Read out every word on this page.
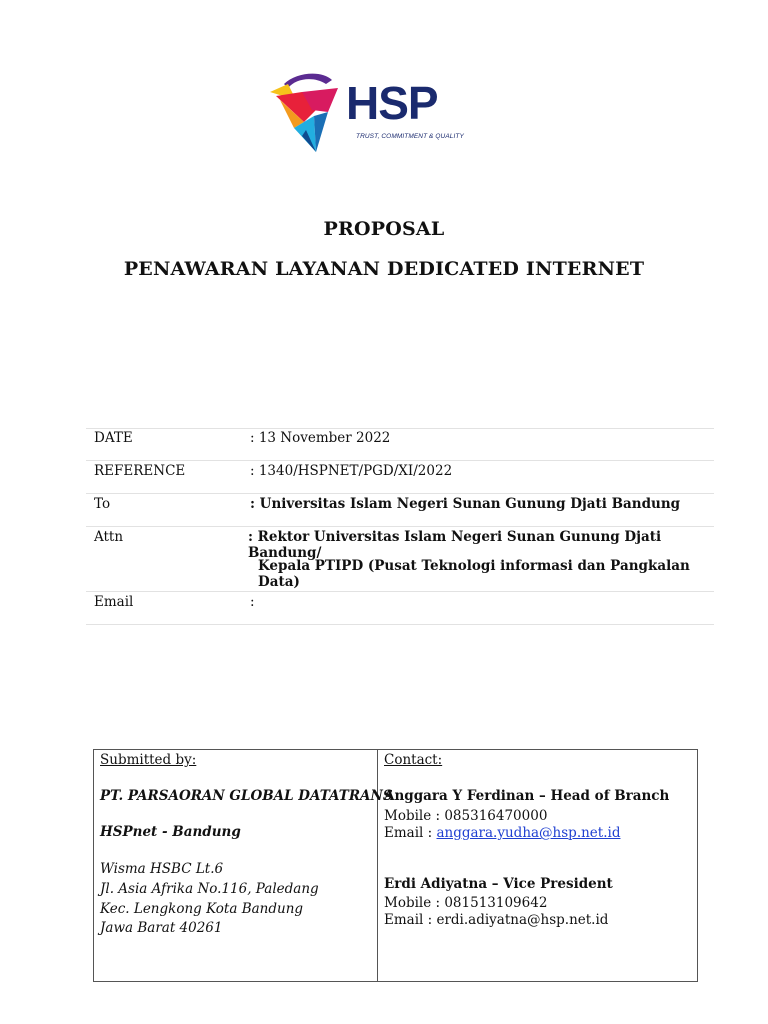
HSP
TRUST, COMMITMENT & QUALITY
PROPOSAL
PENAWARAN LAYANAN DEDICATED INTERNET
DATE	: 13 November 2022
REFERENCE	: 1340/HSPNET/PGD/XI/2022
To	: Universitas Islam Negeri Sunan Gunung Djati Bandung
Attn	: Rektor Universitas Islam Negeri Sunan Gunung Djati Bandung/
Kepala PTIPD (Pusat Teknologi informasi dan Pangkalan Data)
Email	:
Submitted by:
PT. PARSAORAN GLOBAL DATATRANS
HSPnet - Bandung
Wisma HSBC Lt.6
Jl. Asia Afrika No.116, Paledang
Kec. Lengkong Kota Bandung
Jawa Barat 40261
Contact:
Anggara Y Ferdinan – Head of Branch
Mobile : 085316470000
Email : anggara.yudha@hsp.net.id
Erdi Adiyatna – Vice President
Mobile : 081513109642
Email : erdi.adiyatna@hsp.net.id
